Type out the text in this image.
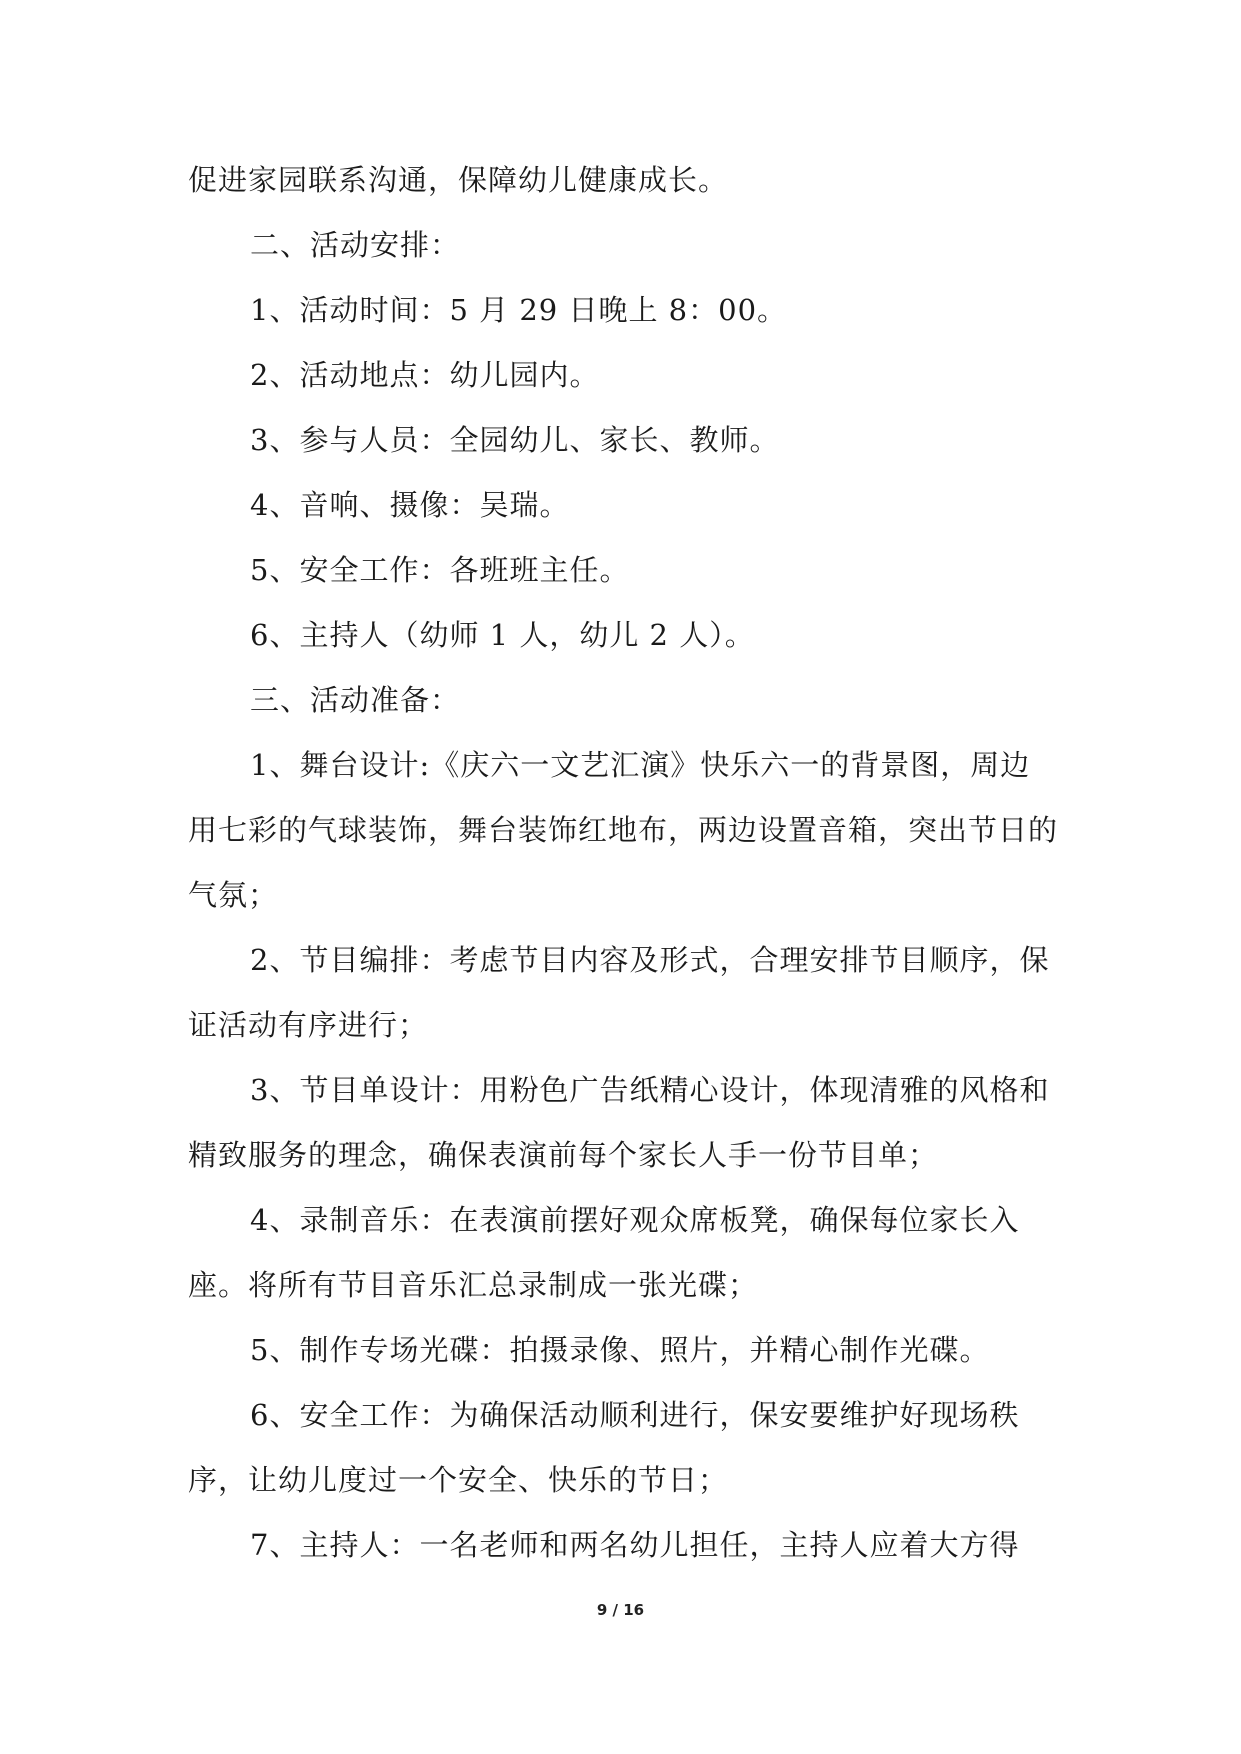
促进家园联系沟通，保障幼儿健康成长。

二、活动安排：

1、活动时间：5 月 29 日晚上 8：00。

2、活动地点：幼儿园内。

3、参与人员：全园幼儿、家长、教师。

4、音响、摄像：吴瑞。

5、安全工作：各班班主任。

6、主持人（幼师 1 人，幼儿 2 人）。

三、活动准备：

1、舞台设计:《庆六一文艺汇演》快乐六一的背景图，周边用七彩的气球装饰，舞台装饰红地布，两边设置音箱，突出节日的气氛；

2、节目编排：考虑节目内容及形式，合理安排节目顺序，保证活动有序进行；

3、节目单设计：用粉色广告纸精心设计，体现清雅的风格和精致服务的理念，确保表演前每个家长人手一份节目单；

4、录制音乐：在表演前摆好观众席板凳，确保每位家长入座。将所有节目音乐汇总录制成一张光碟；

5、制作专场光碟：拍摄录像、照片，并精心制作光碟。

6、安全工作：为确保活动顺利进行，保安要维护好现场秩序，让幼儿度过一个安全、快乐的节日；

7、主持人：一名老师和两名幼儿担任，主持人应着大方得

9 / 16
